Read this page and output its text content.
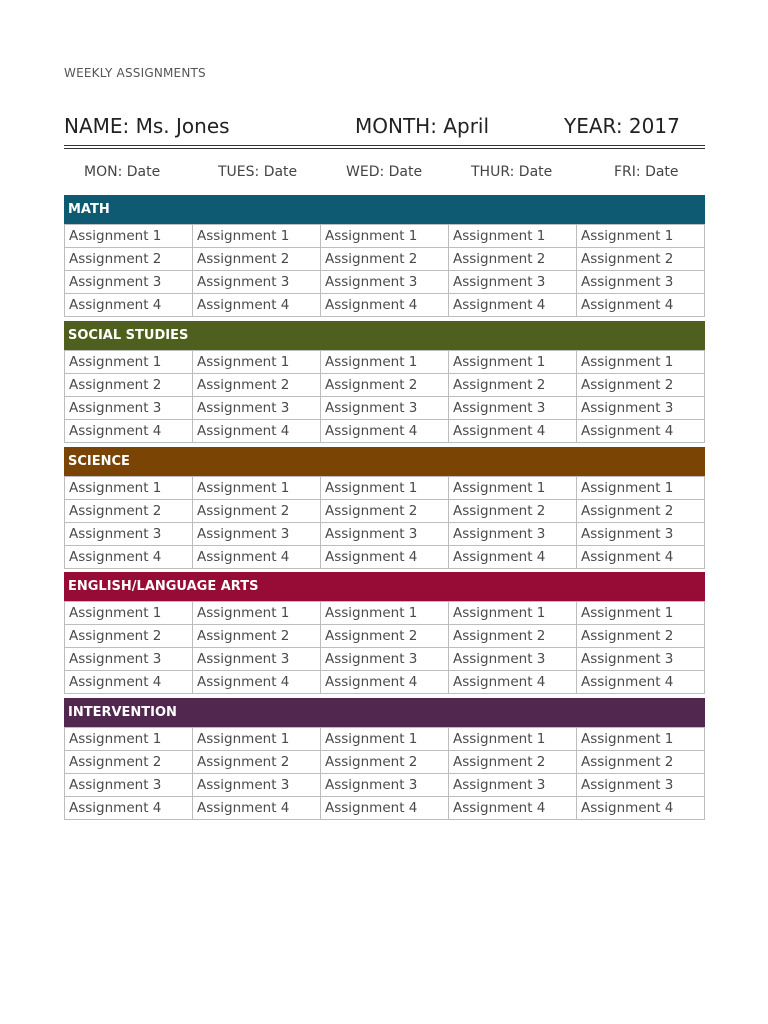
WEEKLY ASSIGNMENTS
NAME: Ms. Jones	MONTH: April	YEAR: 2017
MON: Date	TUES: Date	WED: Date	THUR: Date	FRI: Date
MATH
Assignment 1	Assignment 1	Assignment 1	Assignment 1	Assignment 1
Assignment 2	Assignment 2	Assignment 2	Assignment 2	Assignment 2
Assignment 3	Assignment 3	Assignment 3	Assignment 3	Assignment 3
Assignment 4	Assignment 4	Assignment 4	Assignment 4	Assignment 4
SOCIAL STUDIES
Assignment 1	Assignment 1	Assignment 1	Assignment 1	Assignment 1
Assignment 2	Assignment 2	Assignment 2	Assignment 2	Assignment 2
Assignment 3	Assignment 3	Assignment 3	Assignment 3	Assignment 3
Assignment 4	Assignment 4	Assignment 4	Assignment 4	Assignment 4
SCIENCE
Assignment 1	Assignment 1	Assignment 1	Assignment 1	Assignment 1
Assignment 2	Assignment 2	Assignment 2	Assignment 2	Assignment 2
Assignment 3	Assignment 3	Assignment 3	Assignment 3	Assignment 3
Assignment 4	Assignment 4	Assignment 4	Assignment 4	Assignment 4
ENGLISH/LANGUAGE ARTS
Assignment 1	Assignment 1	Assignment 1	Assignment 1	Assignment 1
Assignment 2	Assignment 2	Assignment 2	Assignment 2	Assignment 2
Assignment 3	Assignment 3	Assignment 3	Assignment 3	Assignment 3
Assignment 4	Assignment 4	Assignment 4	Assignment 4	Assignment 4
INTERVENTION
Assignment 1	Assignment 1	Assignment 1	Assignment 1	Assignment 1
Assignment 2	Assignment 2	Assignment 2	Assignment 2	Assignment 2
Assignment 3	Assignment 3	Assignment 3	Assignment 3	Assignment 3
Assignment 4	Assignment 4	Assignment 4	Assignment 4	Assignment 4
